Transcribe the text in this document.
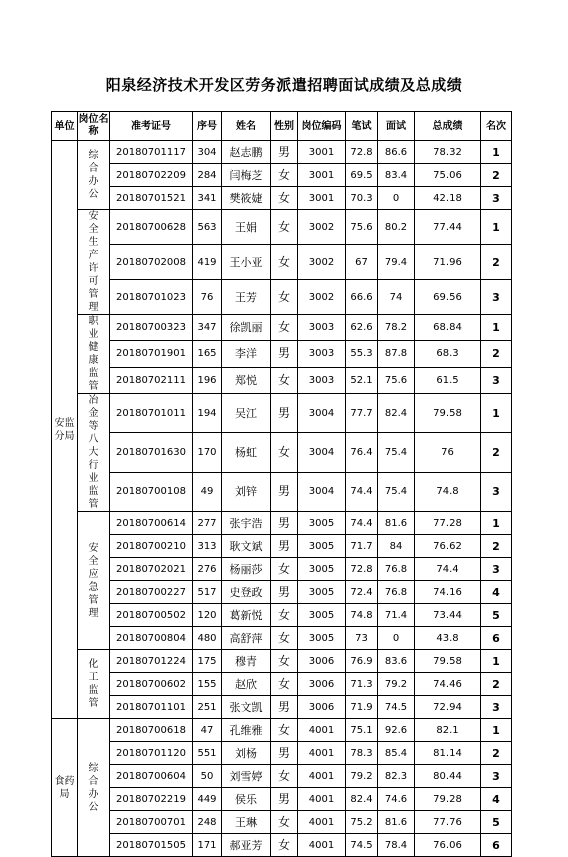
阳泉经济技术开发区劳务派遣招聘面试成绩及总成绩
单位	岗位名称	准考证号	序号	姓名	性别	岗位编码	笔试	面试	总成绩	名次
安监分局	综合办公	20180701117	304	赵志鹏	男	3001	72.8	86.6	78.32	1
		20180702209	284	闫梅芝	女	3001	69.5	83.4	75.06	2
		20180701521	341	樊筱婕	女	3001	70.3	0	42.18	3
	安全生产许可管理	20180700628	563	王娟	女	3002	75.6	80.2	77.44	1
		20180702008	419	王小亚	女	3002	67	79.4	71.96	2
		20180701023	76	王芳	女	3002	66.6	74	69.56	3
	职业健康监管	20180700323	347	徐凯丽	女	3003	62.6	78.2	68.84	1
		20180701901	165	李洋	男	3003	55.3	87.8	68.3	2
		20180702111	196	郑悦	女	3003	52.1	75.6	61.5	3
	冶金等八大行业监管	20180701011	194	吴江	男	3004	77.7	82.4	79.58	1
		20180701630	170	杨虹	女	3004	76.4	75.4	76	2
		20180700108	49	刘锌	男	3004	74.4	75.4	74.8	3
	安全应急管理	20180700614	277	张宇浩	男	3005	74.4	81.6	77.28	1
		20180700210	313	耿文斌	男	3005	71.7	84	76.62	2
		20180702021	276	杨丽莎	女	3005	72.8	76.8	74.4	3
		20180700227	517	史登政	男	3005	72.4	76.8	74.16	4
		20180700502	120	葛新悦	女	3005	74.8	71.4	73.44	5
		20180700804	480	高舒萍	女	3005	73	0	43.8	6
	化工监管	20180701224	175	穆青	女	3006	76.9	83.6	79.58	1
		20180700602	155	赵欣	女	3006	71.3	79.2	74.46	2
		20180701101	251	张文凯	男	3006	71.9	74.5	72.94	3
食药局	综合办公	20180700618	47	孔维雅	女	4001	75.1	92.6	82.1	1
		20180701120	551	刘杨	男	4001	78.3	85.4	81.14	2
		20180700604	50	刘雪婷	女	4001	79.2	82.3	80.44	3
		20180702219	449	侯乐	男	4001	82.4	74.6	79.28	4
		20180700701	248	王琳	女	4001	75.2	81.6	77.76	5
		20180701505	171	郝亚芳	女	4001	74.5	78.4	76.06	6
